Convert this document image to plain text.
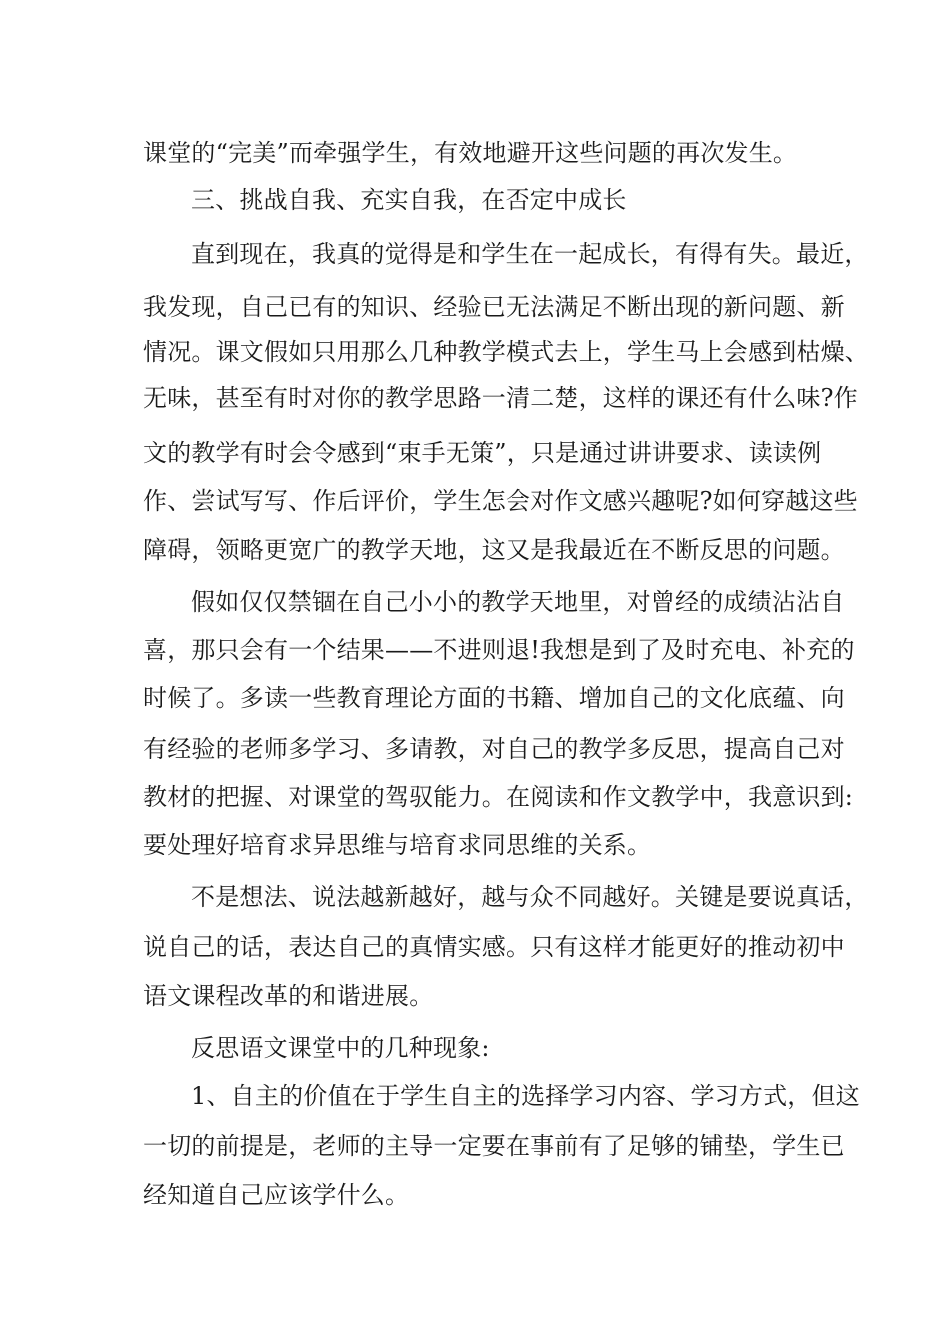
课堂的“完美”而牵强学生，有效地避开这些问题的再次发生。

三、挑战自我、充实自我，在否定中成长

直到现在，我真的觉得是和学生在一起成长，有得有失。最近，

我发现，自己已有的知识、经验已无法满足不断出现的新问题、新

情况。课文假如只用那么几种教学模式去上，学生马上会感到枯燥、

无味，甚至有时对你的教学思路一清二楚，这样的课还有什么味?作

文的教学有时会令感到“束手无策”，只是通过讲讲要求、读读例

作、尝试写写、作后评价，学生怎会对作文感兴趣呢?如何穿越这些

障碍，领略更宽广的教学天地，这又是我最近在不断反思的问题。

假如仅仅禁锢在自己小小的教学天地里，对曾经的成绩沾沾自

喜，那只会有一个结果——不进则退!我想是到了及时充电、补充的

时候了。多读一些教育理论方面的书籍、增加自己的文化底蕴、向

有经验的老师多学习、多请教，对自己的教学多反思，提高自己对

教材的把握、对课堂的驾驭能力。在阅读和作文教学中，我意识到:

要处理好培育求异思维与培育求同思维的关系。

不是想法、说法越新越好，越与众不同越好。关键是要说真话，

说自己的话，表达自己的真情实感。只有这样才能更好的推动初中

语文课程改革的和谐进展。

反思语文课堂中的几种现象:

1、自主的价值在于学生自主的选择学习内容、学习方式，但这

一切的前提是，老师的主导一定要在事前有了足够的铺垫，学生已

经知道自己应该学什么。
